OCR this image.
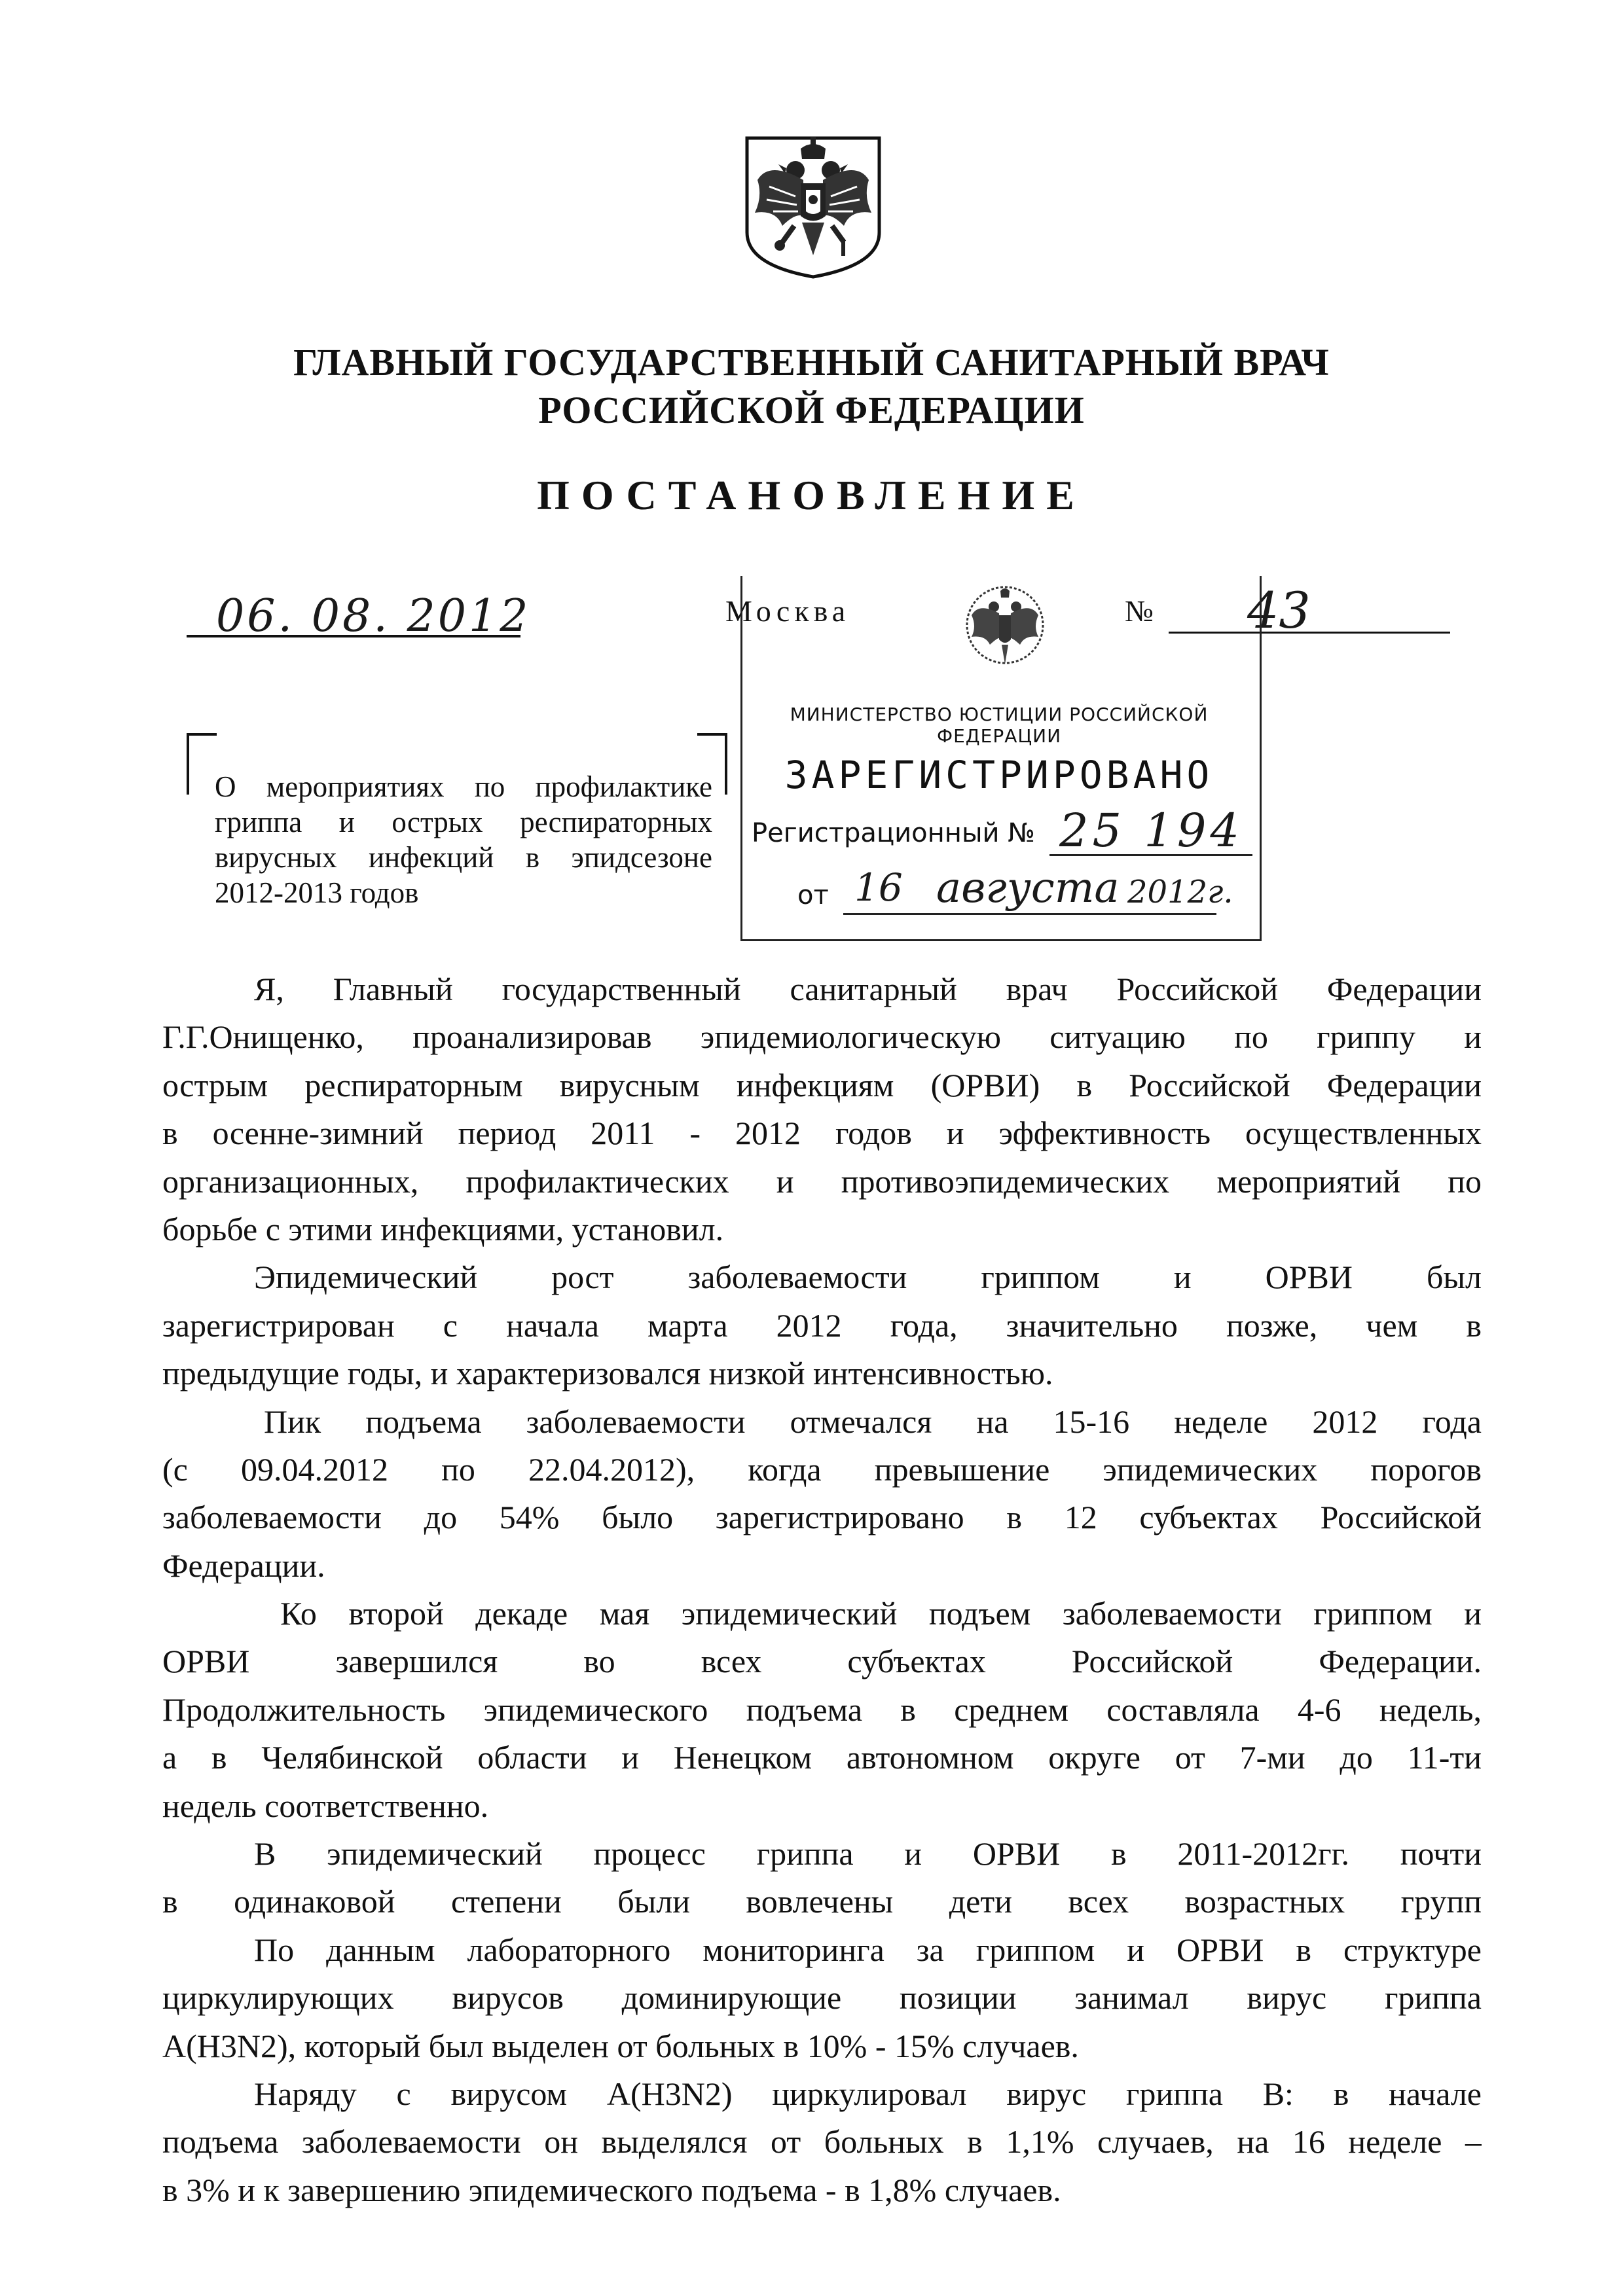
ГЛАВНЫЙ ГОСУДАРСТВЕННЫЙ САНИТАРНЫЙ ВРАЧ
РОССИЙСКОЙ ФЕДЕРАЦИИ
ПОСТАНОВЛЕНИЕ
06. 08. 2012	Москва	№ 43
МИНИСТЕРСТВО ЮСТИЦИИ РОССИЙСКОЙ ФЕДЕРАЦИИ
ЗАРЕГИСТРИРОВАНО
Регистрационный № 25 194
от 16 августа 2012г.
О мероприятиях по профилактике
гриппа и острых респираторных
вирусных инфекций в эпидсезоне
2012-2013 годов
Я, Главный государственный санитарный врач Российской Федерации
Г.Г.Онищенко, проанализировав эпидемиологическую ситуацию по гриппу и
острым респираторным вирусным инфекциям (ОРВИ) в Российской Федерации
в осенне-зимний период 2011 - 2012 годов и эффективность осуществленных
организационных, профилактических и противоэпидемических мероприятий по
борьбе с этими инфекциями, установил.
Эпидемический рост заболеваемости гриппом и ОРВИ был
зарегистрирован с начала марта 2012 года, значительно позже, чем в
предыдущие годы, и характеризовался низкой интенсивностью.
Пик подъема заболеваемости отмечался на 15-16 неделе 2012 года
(с 09.04.2012 по 22.04.2012), когда превышение эпидемических порогов
заболеваемости до 54% было зарегистрировано в 12 субъектах Российской
Федерации.
Ко второй декаде мая эпидемический подъем заболеваемости гриппом и
ОРВИ завершился во всех субъектах Российской Федерации.
Продолжительность эпидемического подъема в среднем составляла 4-6 недель,
а в Челябинской области и Ненецком автономном округе от 7-ми до 11-ти
недель соответственно.
В эпидемический процесс гриппа и ОРВИ в 2011-2012гг. почти
в одинаковой степени были вовлечены дети всех возрастных групп
По данным лабораторного мониторинга за гриппом и ОРВИ в структуре
циркулирующих вирусов доминирующие позиции занимал вирус гриппа
А(H3N2), который был выделен от больных в 10% - 15% случаев.
Наряду с вирусом А(H3N2) циркулировал вирус гриппа В: в начале
подъема заболеваемости он выделялся от больных в 1,1% случаев, на 16 неделе –
в 3% и к завершению эпидемического подъема - в 1,8% случаев.
